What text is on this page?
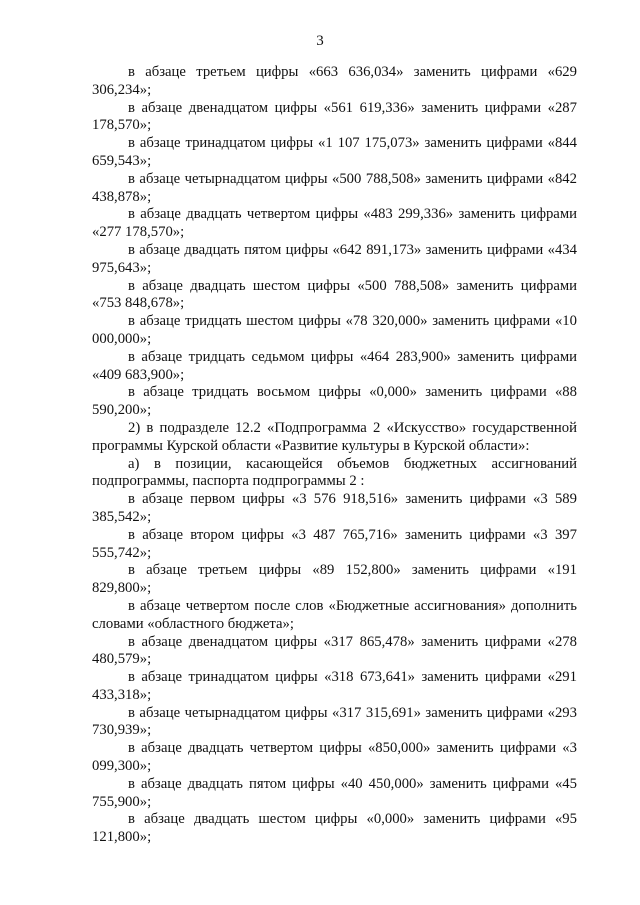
3

в абзаце третьем цифры «663 636,034» заменить цифрами «629 306,234»;

в абзаце двенадцатом цифры «561 619,336» заменить цифрами «287 178,570»;

в абзаце тринадцатом цифры «1 107 175,073» заменить цифрами «844 659,543»;

в абзаце четырнадцатом цифры «500 788,508» заменить цифрами «842 438,878»;

в абзаце двадцать четвертом цифры «483 299,336» заменить цифрами «277 178,570»;

в абзаце двадцать пятом цифры «642 891,173» заменить цифрами «434 975,643»;

в абзаце двадцать шестом цифры «500 788,508» заменить цифрами «753 848,678»;

в абзаце тридцать шестом цифры «78 320,000» заменить цифрами «10 000,000»;

в абзаце тридцать седьмом цифры «464 283,900» заменить цифрами «409 683,900»;

в абзаце тридцать восьмом цифры «0,000» заменить цифрами «88 590,200»;

2) в подразделе 12.2 «Подпрограмма 2 «Искусство» государственной программы Курской области «Развитие культуры в Курской области»:

а) в позиции, касающейся объемов бюджетных ассигнований подпрограммы, паспорта подпрограммы 2 :

в абзаце первом цифры «3 576 918,516» заменить цифрами «3 589 385,542»;

в абзаце втором цифры «3 487 765,716» заменить цифрами «3 397 555,742»;

в абзаце третьем цифры «89 152,800» заменить цифрами «191 829,800»;

в абзаце четвертом после слов «Бюджетные ассигнования» дополнить словами «областного бюджета»;

в абзаце двенадцатом цифры «317 865,478» заменить цифрами «278 480,579»;

в абзаце тринадцатом цифры «318 673,641» заменить цифрами «291 433,318»;

в абзаце четырнадцатом цифры «317 315,691» заменить цифрами «293 730,939»;

в абзаце двадцать четвертом цифры «850,000» заменить цифрами «3 099,300»;

в абзаце двадцать пятом цифры «40 450,000» заменить цифрами «45 755,900»;

в абзаце двадцать шестом цифры «0,000» заменить цифрами «95 121,800»;
